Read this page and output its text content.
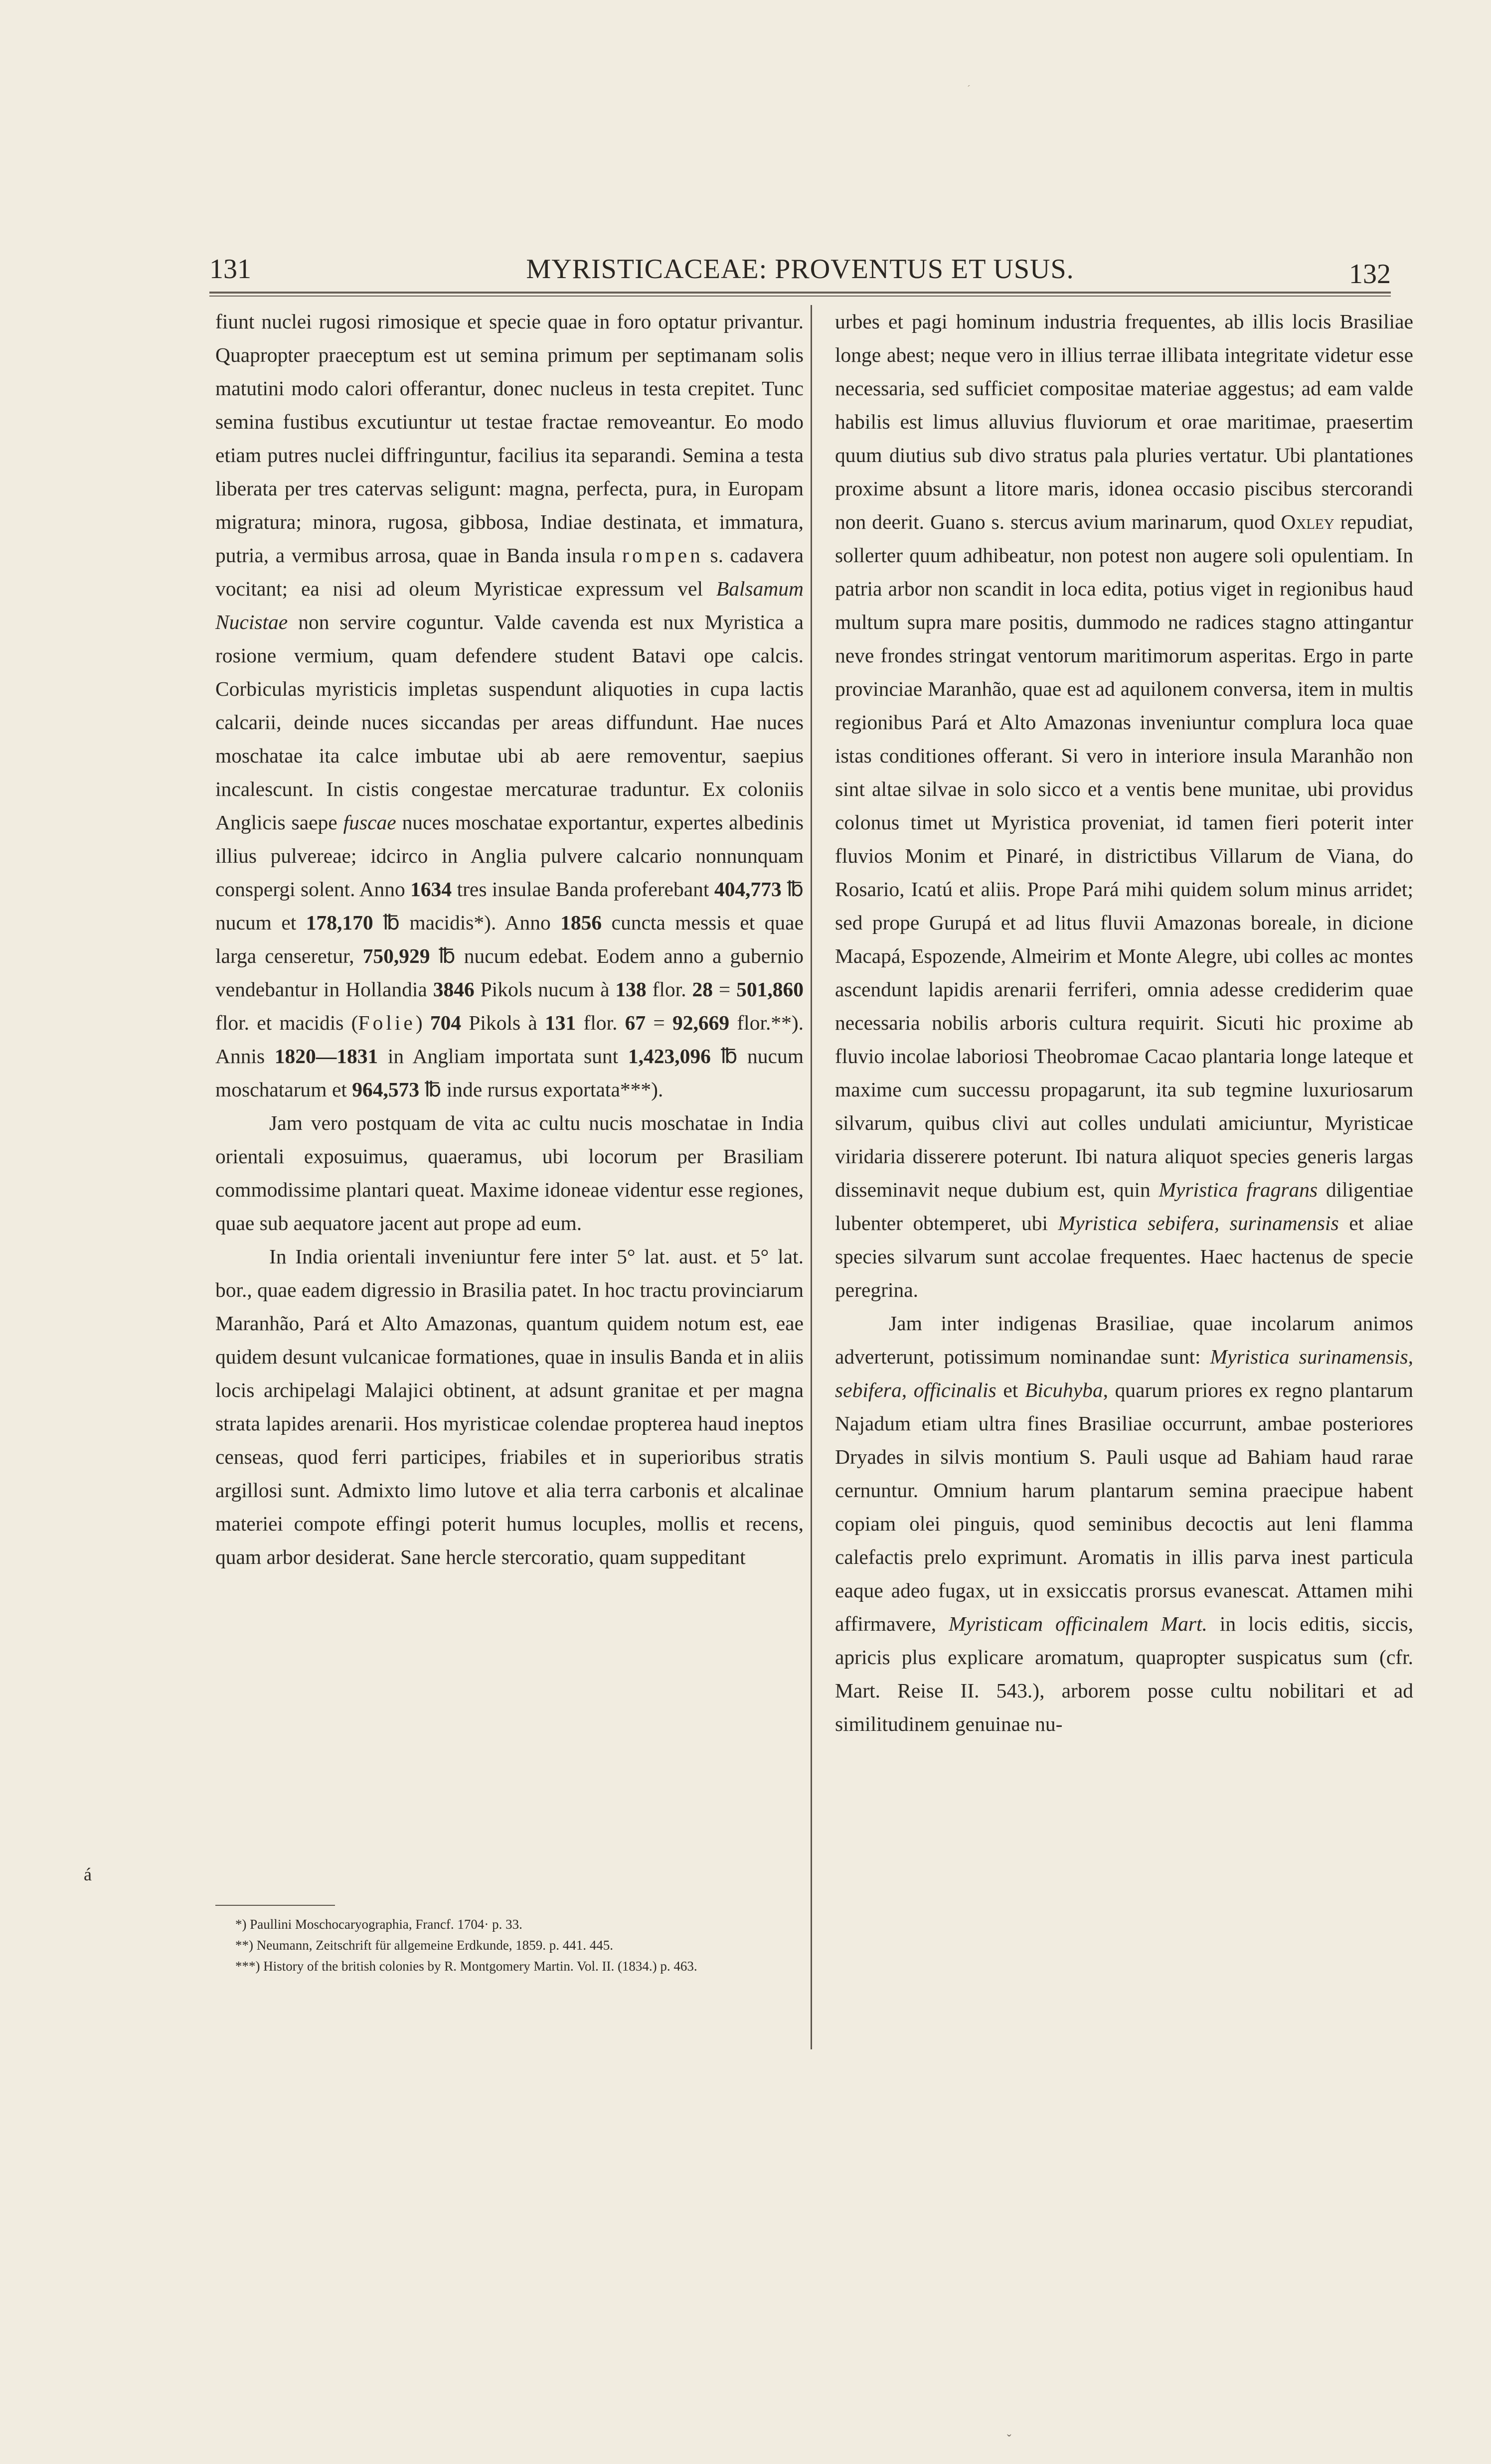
´
MYRISTICACEAE: PROVENTUS ET USUS.
131	132

fiunt nuclei rugosi rimosique et specie quae in foro optatur privantur. Quapropter praeceptum est ut semina primum per septimanam solis matutini modo calori offerantur, donec nucleus in testa crepitet. Tunc semina fustibus excutiuntur ut testae fractae removeantur. Eo modo etiam putres nuclei diffringuntur, facilius ita separandi. Semina a testa liberata per tres catervas seligunt: magna, perfecta, pura, in Europam migratura; minora, rugosa, gibbosa, Indiae destinata, et immatura, putria, a vermibus arrosa, quae in Banda insula rompen s. cadavera vocitant; ea nisi ad oleum Myristicae expressum vel Balsamum Nucistae non servire coguntur. Valde cavenda est nux Myristica a rosione vermium, quam defendere student Batavi ope calcis. Corbiculas myristicis impletas suspendunt aliquoties in cupa lactis calcarii, deinde nuces siccandas per areas diffundunt. Hae nuces moschatae ita calce imbutae ubi ab aere removentur, saepius incalescunt. In cistis congestae mercaturae traduntur. Ex coloniis Anglicis saepe fuscae nuces moschatae exportantur, expertes albedinis illius pulvereae; idcirco in Anglia pulvere calcario nonnunquam conspergi solent. Anno 1634 tres insulae Banda proferebant 404,773 ℔ nucum et 178,170 ℔ macidis*). Anno 1856 cuncta messis et quae larga censeretur, 750,929 ℔ nucum edebat. Eodem anno a gubernio vendebantur in Hollandia 3846 Pikols nucum à 138 flor. 28 = 501,860 flor. et macidis (Folie) 704 Pikols à 131 flor. 67 = 92,669 flor.**). Annis 1820—1831 in Angliam importata sunt 1,423,096 ℔ nucum moschatarum et 964,573 ℔ inde rursus exportata***).

Jam vero postquam de vita ac cultu nucis moschatae in India orientali exposuimus, quaeramus, ubi locorum per Brasiliam commodissime plantari queat. Maxime idoneae videntur esse regiones, quae sub aequatore jacent aut prope ad eum.

In India orientali inveniuntur fere inter 5° lat. aust. et 5° lat. bor., quae eadem digressio in Brasilia patet. In hoc tractu provinciarum Maranhão, Pará et Alto Amazonas, quantum quidem notum est, eae quidem desunt vulcanicae formationes, quae in insulis Banda et in aliis locis archipelagi Malajici obtinent, at adsunt granitae et per magna strata lapides arenarii. Hos myristicae colendae propterea haud ineptos censeas, quod ferri participes, friabiles et in superioribus stratis argillosi sunt. Admixto limo lutove et alia terra carbonis et alcalinae materiei compote effingi poterit humus locuples, mollis et recens, quam arbor desiderat. Sane hercle stercoratio, quam suppeditant

*) Paullini Moschocaryographia, Francf. 1704· p. 33.

**) Neumann, Zeitschrift für allgemeine Erdkunde, 1859. p. 441. 445.

***) History of the british colonies by R. Montgomery Martin. Vol. II. (1834.) p. 463.

urbes et pagi hominum industria frequentes, ab illis locis Brasiliae longe abest; neque vero in illius terrae illibata integritate videtur esse necessaria, sed sufficiet compositae materiae aggestus; ad eam valde habilis est limus alluvius fluviorum et orae maritimae, praesertim quum diutius sub divo stratus pala pluries vertatur. Ubi plantationes proxime absunt a litore maris, idonea occasio piscibus stercorandi non deerit. Guano s. stercus avium marinarum, quod Oxley repudiat, sollerter quum adhibeatur, non potest non augere soli opulentiam. In patria arbor non scandit in loca edita, potius viget in regionibus haud multum supra mare positis, dummodo ne radices stagno attingantur neve frondes stringat ventorum maritimorum asperitas. Ergo in parte provinciae Maranhão, quae est ad aquilonem conversa, item in multis regionibus Pará et Alto Amazonas inveniuntur complura loca quae istas conditiones offerant. Si vero in interiore insula Maranhão non sint altae silvae in solo sicco et a ventis bene munitae, ubi providus colonus timet ut Myristica proveniat, id tamen fieri poterit inter fluvios Monim et Pinaré, in districtibus Villarum de Viana, do Rosario, Icatú et aliis. Prope Pará mihi quidem solum minus arridet; sed prope Gurupá et ad litus fluvii Amazonas boreale, in dicione Macapá, Espozende, Almeirim et Monte Alegre, ubi colles ac montes ascendunt lapidis arenarii ferriferi, omnia adesse crediderim quae necessaria nobilis arboris cultura requirit. Sicuti hic proxime ab fluvio incolae laboriosi Theobromae Cacao plantaria longe lateque et maxime cum successu propagarunt, ita sub tegmine luxuriosarum silvarum, quibus clivi aut colles undulati amiciuntur, Myristicae viridaria disserere poterunt. Ibi natura aliquot species generis largas disseminavit neque dubium est, quin Myristica fragrans diligentiae lubenter obtemperet, ubi Myristica sebifera, surinamensis et aliae species silvarum sunt accolae frequentes. Haec hactenus de specie peregrina.

Jam inter indigenas Brasiliae, quae incolarum animos adverterunt, potissimum nominandae sunt: Myristica surinamensis, sebifera, officinalis et Bicuhyba, quarum priores ex regno plantarum Najadum etiam ultra fines Brasiliae occurrunt, ambae posteriores Dryades in silvis montium S. Pauli usque ad Bahiam haud rarae cernuntur. Omnium harum plantarum semina praecipue habent copiam olei pinguis, quod seminibus decoctis aut leni flamma calefactis prelo exprimunt. Aromatis in illis parva inest particula eaque adeo fugax, ut in exsiccatis prorsus evanescat. Attamen mihi affirmavere, Myristicam officinalem Mart. in locis editis, siccis, apricis plus explicare aromatum, quapropter suspicatus sum (cfr. Mart. Reise II. 543.), arborem posse cultu nobilitari et ad similitudinem genuinae nu-

á
ˇ
